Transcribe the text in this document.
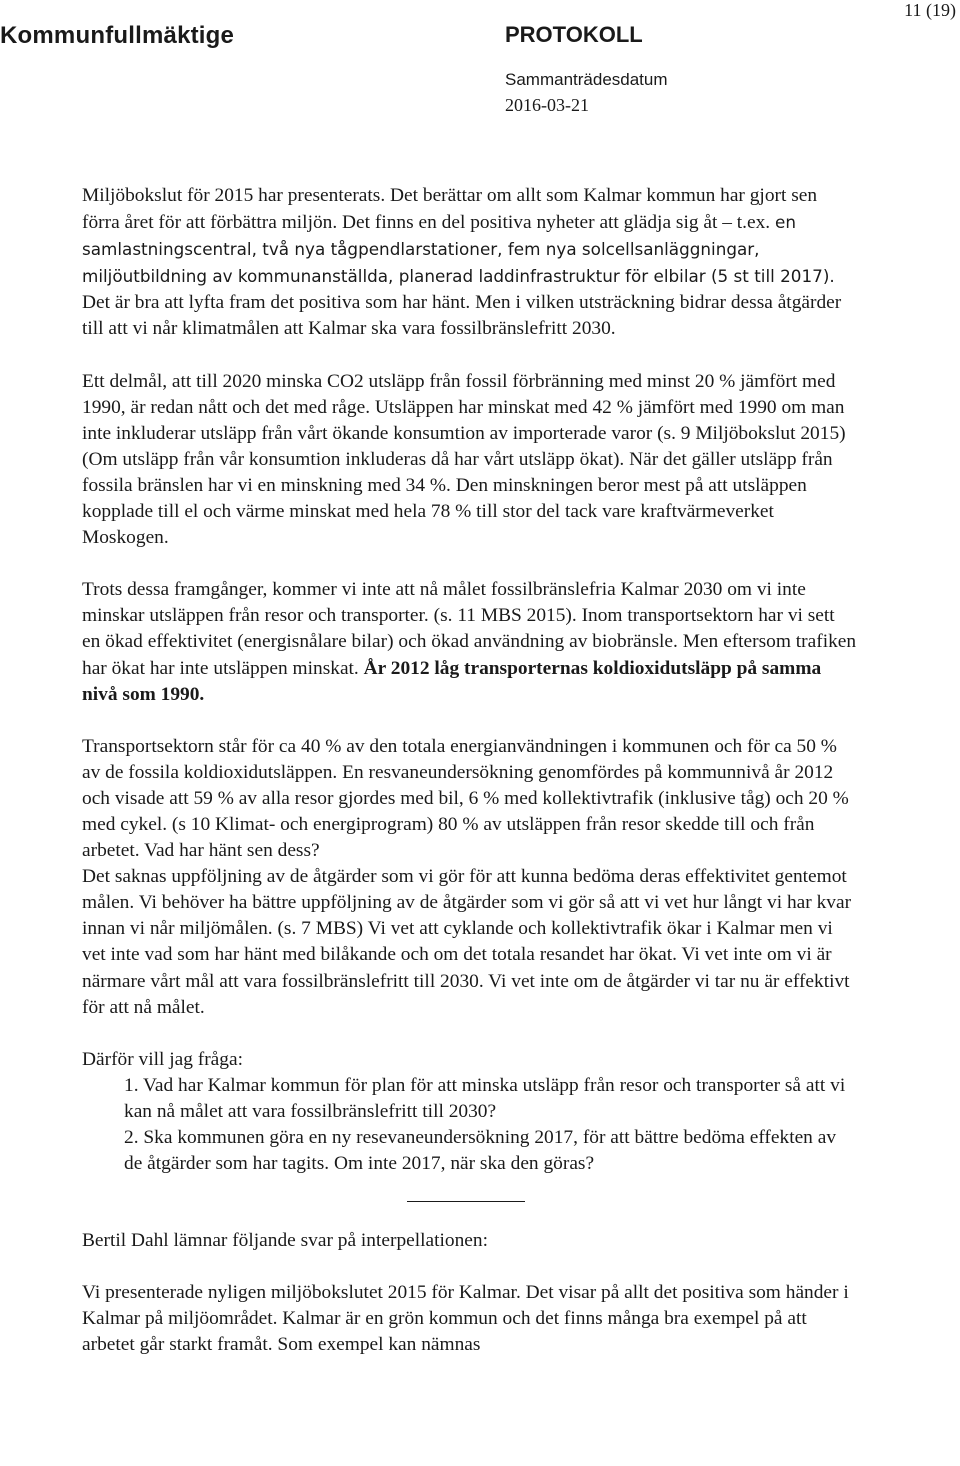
Kommunfullmäktige	PROTOKOLL
Sammanträdesdatum
2016-03-21
11 (19)

Miljöbokslut för 2015 har presenterats. Det berättar om allt som Kalmar kommun har gjort sen förra året för att förbättra miljön. Det finns en del positiva nyheter att glädja sig åt – t.ex. en samlastningscentral, två nya tågpendlarstationer, fem nya solcellsanläggningar, miljöutbildning av kommunanställda, planerad laddinfrastruktur för elbilar (5 st till 2017). Det är bra att lyfta fram det positiva som har hänt. Men i vilken utsträckning bidrar dessa åtgärder till att vi når klimatmålen att Kalmar ska vara fossilbränslefritt 2030.

Ett delmål, att till 2020 minska CO2 utsläpp från fossil förbränning med minst 20 % jämfört med 1990, är redan nått och det med råge. Utsläppen har minskat med 42 % jämfört med 1990 om man inte inkluderar utsläpp från vårt ökande konsumtion av importerade varor (s. 9 Miljöbokslut 2015) (Om utsläpp från vår konsumtion inkluderas då har vårt utsläpp ökat). När det gäller utsläpp från fossila bränslen har vi en minskning med 34 %. Den minskningen beror mest på att utsläppen kopplade till el och värme minskat med hela 78 % till stor del tack vare kraftvärmeverket Moskogen.

Trots dessa framgånger, kommer vi inte att nå målet fossilbränslefria Kalmar 2030 om vi inte minskar utsläppen från resor och transporter. (s. 11 MBS 2015). Inom transportsektorn har vi sett en ökad effektivitet (energisnålare bilar) och ökad användning av biobränsle. Men eftersom trafiken har ökat har inte utsläppen minskat. År 2012 låg transporternas koldioxidutsläpp på samma nivå som 1990.

Transportsektorn står för ca 40 % av den totala energianvändningen i kommunen och för ca 50 % av de fossila koldioxidutsläppen. En resvaneundersökning genomfördes på kommunnivå år 2012 och visade att 59 % av alla resor gjordes med bil, 6 % med kollektivtrafik (inklusive tåg) och 20 % med cykel. (s 10 Klimat- och energiprogram) 80 % av utsläppen från resor skedde till och från arbetet. Vad har hänt sen dess?

Det saknas uppföljning av de åtgärder som vi gör för att kunna bedöma deras effektivitet gentemot målen. Vi behöver ha bättre uppföljning av de åtgärder som vi gör så att vi vet hur långt vi har kvar innan vi når miljömålen. (s. 7 MBS) Vi vet att cyklande och kollektivtrafik ökar i Kalmar men vi vet inte vad som har hänt med bilåkande och om det totala resandet har ökat. Vi vet inte om vi är närmare vårt mål att vara fossilbränslefritt till 2030. Vi vet inte om de åtgärder vi tar nu är effektivt för att nå målet.

Därför vill jag fråga:

1. Vad har Kalmar kommun för plan för att minska utsläpp från resor och transporter så att vi kan nå målet att vara fossilbränslefritt till 2030?

2. Ska kommunen göra en ny resevaneundersökning 2017, för att bättre bedöma effekten av de åtgärder som har tagits. Om inte 2017, när ska den göras?

Bertil Dahl lämnar följande svar på interpellationen:

Vi presenterade nyligen miljöbokslutet 2015 för Kalmar. Det visar på allt det positiva som händer i Kalmar på miljöområdet. Kalmar är en grön kommun och det finns många bra exempel på att arbetet går starkt framåt. Som exempel kan nämnas
